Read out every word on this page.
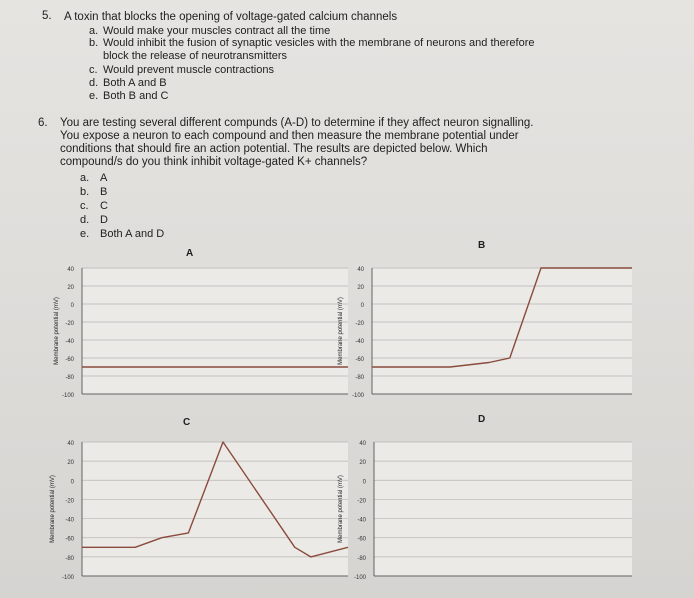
5. A toxin that blocks the opening of voltage-gated calcium channels
a. Would make your muscles contract all the time
b. Would inhibit the fusion of synaptic vesicles with the membrane of neurons and therefore
block the release of neurotransmitters
c. Would prevent muscle contractions
d. Both A and B
e. Both B and C
6. You are testing several different compunds (A-D) to determine if they affect neuron signalling.
You expose a neuron to each compound and then measure the membrane potential under
conditions that should fire an action potential. The results are depicted below. Which
compound/s do you think inhibit voltage-gated K+ channels?
a. A
b. B
c. C
d. D
e. Both A and D
A
B
C	D
40
20
0
-20
-40
-60
-80
-100
Membrane potential (mV)
40
20
0
-20
-40
-60
-80
-100
Membrane potential (mV)
40
20
0
-20
-40
-60
-80
-100
Membrane potential (mV)
40
20
0
-20
-40
-60
-80
-100
Membrane potential (mV)
